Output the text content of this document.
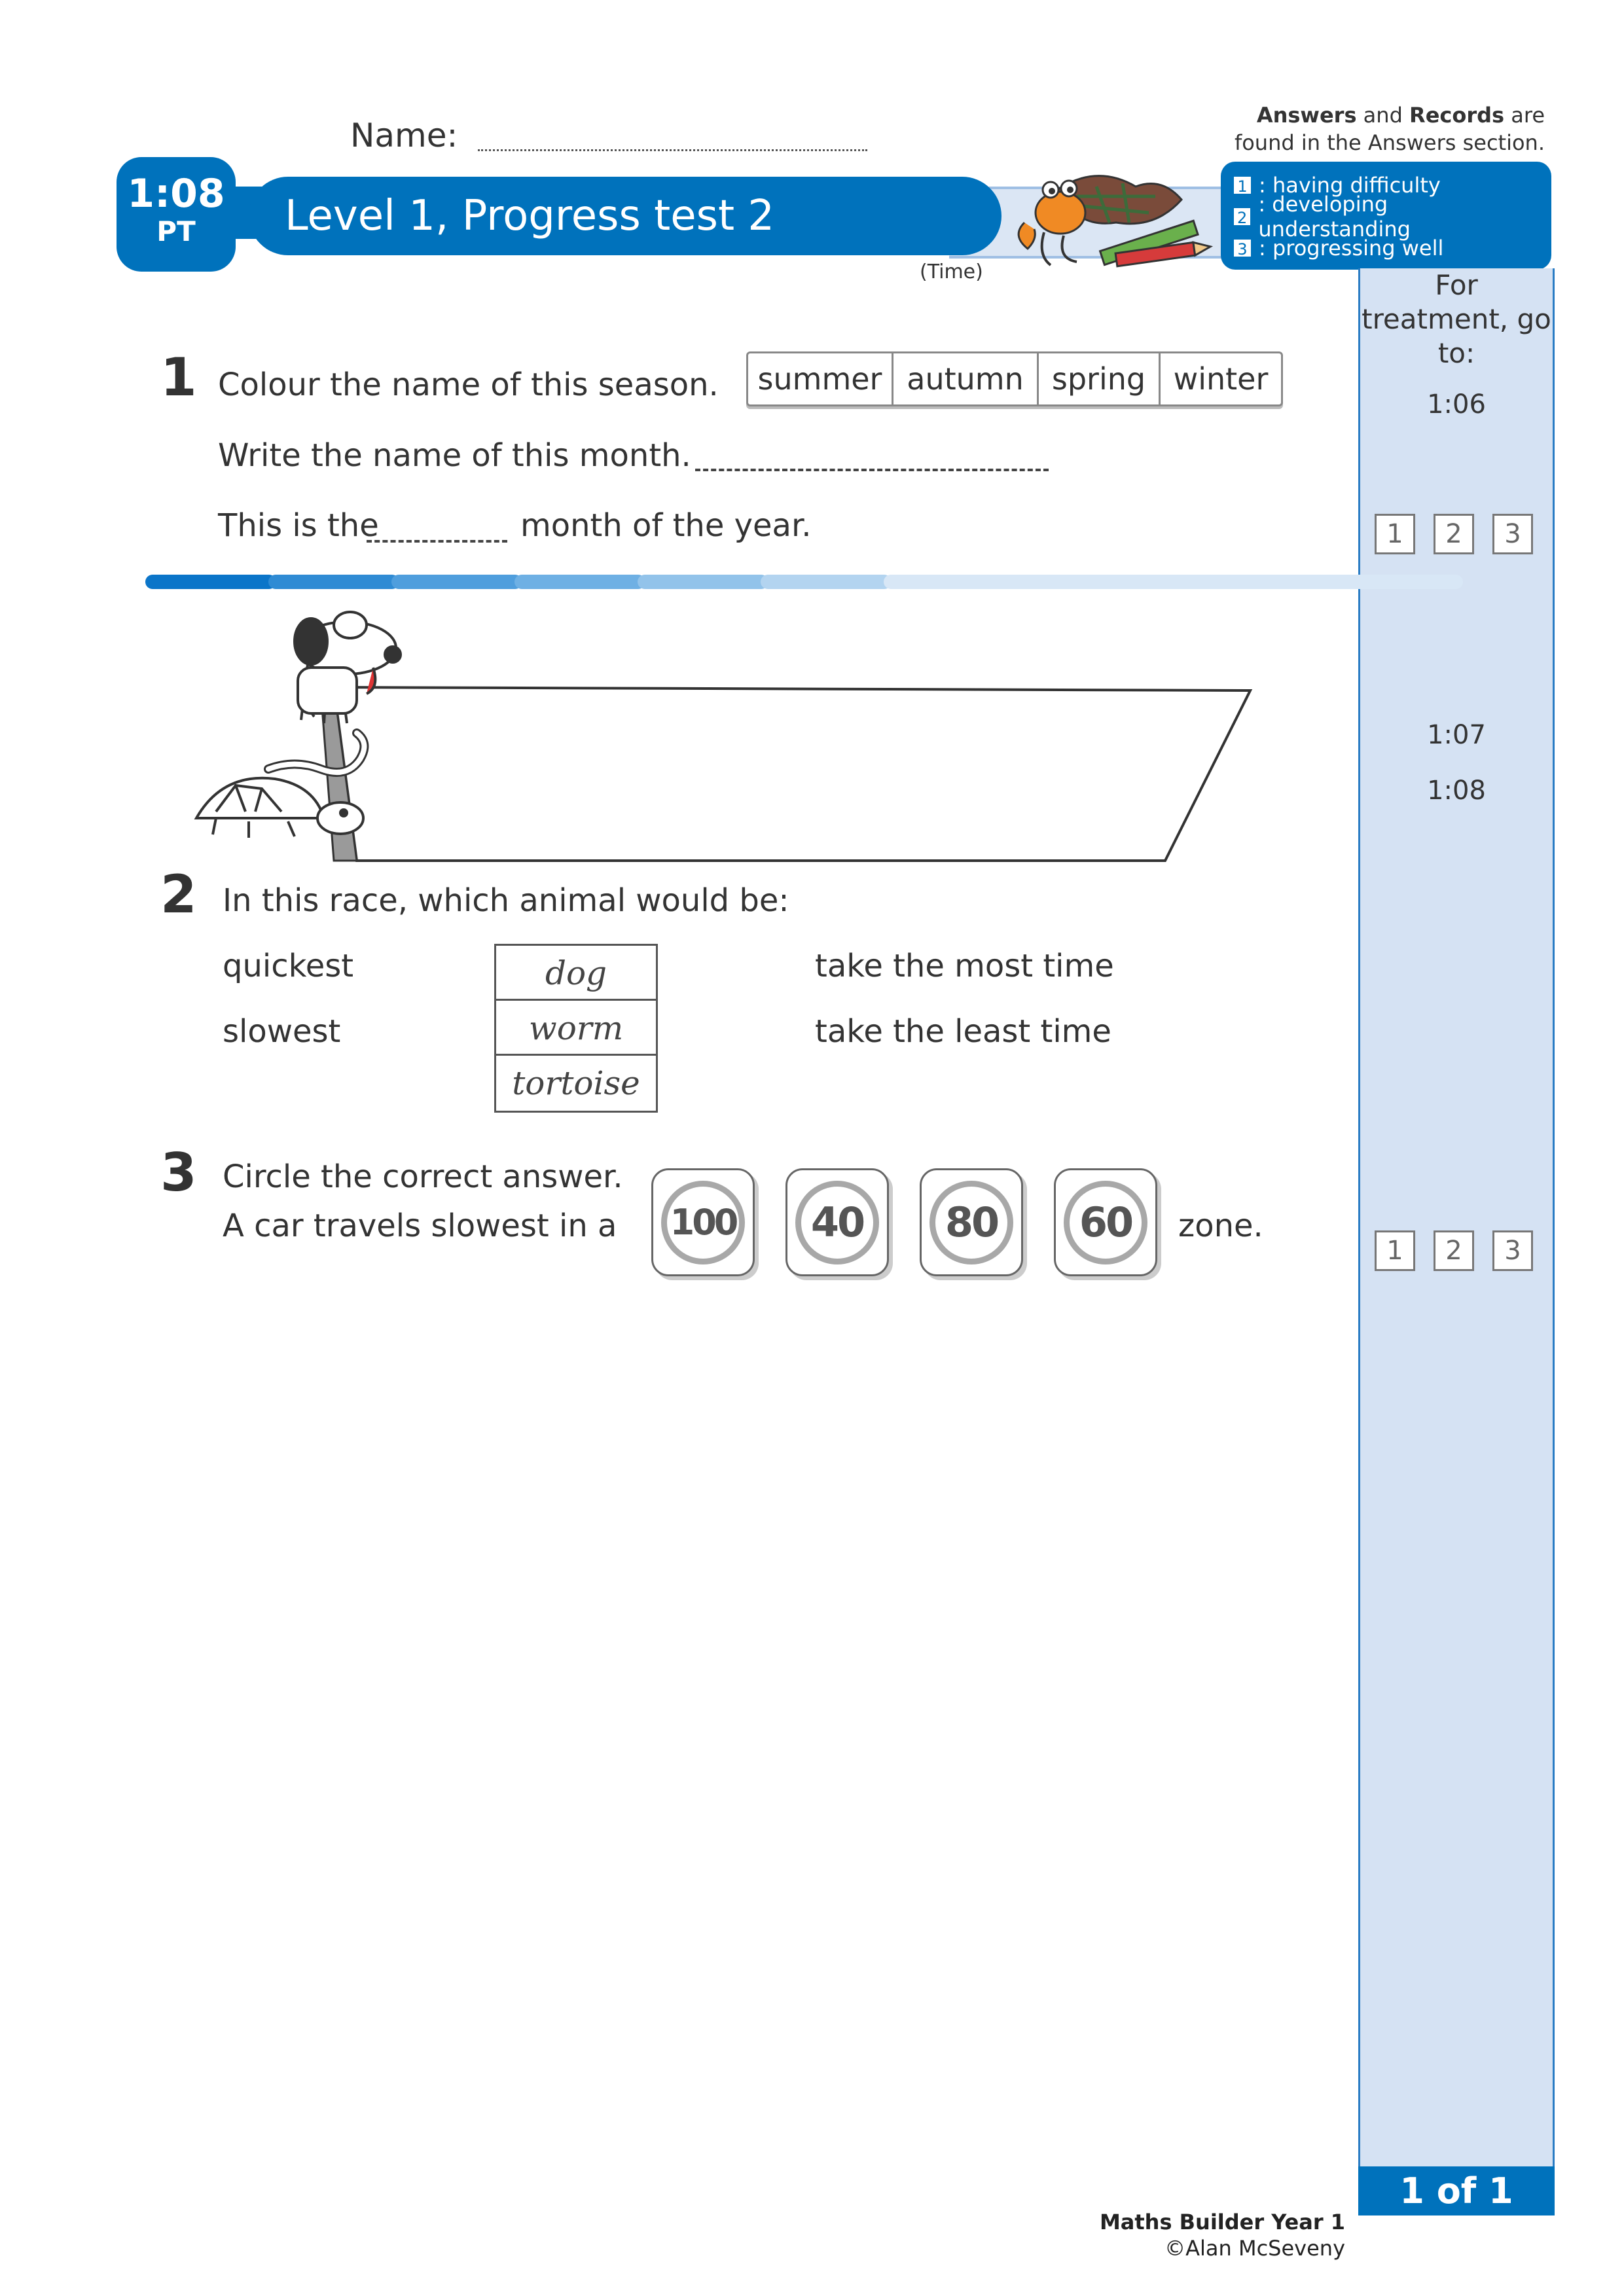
Name:
Answers and Records are
found in the Answers section.
1:08
PT	Level 1, Progress test 2
(Time)
1 : having difficulty
2
: developing understanding
3 : progressing well
For treatment, go to:
1:06
1	2	3
1:07
1:08
1	2	3
1 of 1
1 Colour the name of this season.	summer autumn spring winter
Write the name of this month.
This is the	month of the year.
2 In this race, which animal would be:
quickest
slowest
dog
worm
tortoise
take the most time
take the least time
3 Circle the correct answer.
A car travels slowest in a 100	40	80	60	zone.
Maths Builder Year 1
©Alan McSeveny
